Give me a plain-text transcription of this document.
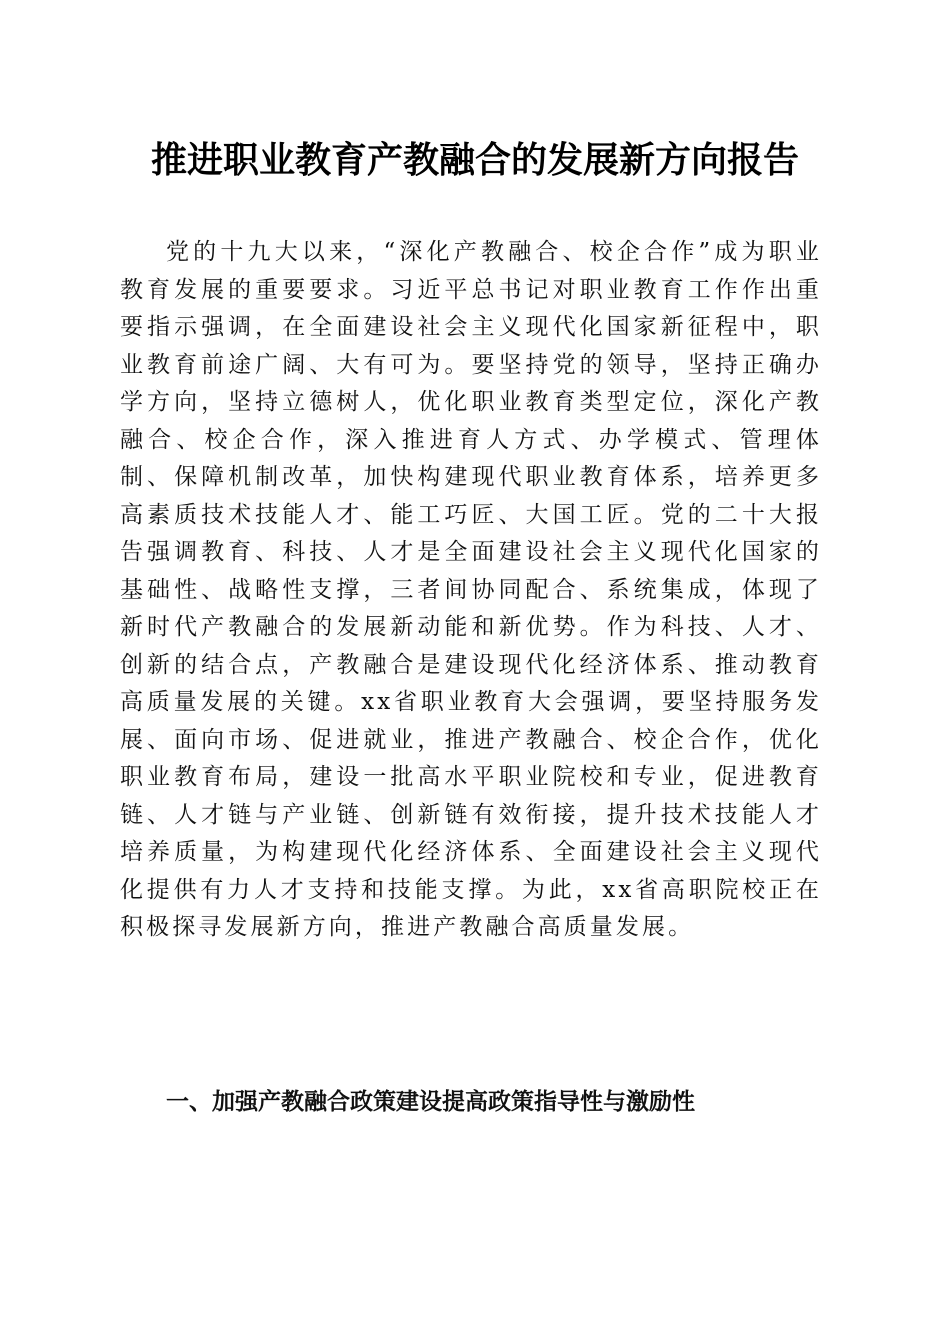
推进职业教育产教融合的发展新方向报告

党的十九大以来，“深化产教融合、校企合作”成为职业教育发展的重要要求。习近平总书记对职业教育工作作出重要指示强调，在全面建设社会主义现代化国家新征程中，职业教育前途广阔、大有可为。要坚持党的领导，坚持正确办学方向，坚持立德树人，优化职业教育类型定位，深化产教融合、校企合作，深入推进育人方式、办学模式、管理体制、保障机制改革，加快构建现代职业教育体系，培养更多高素质技术技能人才、能工巧匠、大国工匠。党的二十大报告强调教育、科技、人才是全面建设社会主义现代化国家的基础性、战略性支撑，三者间协同配合、系统集成，体现了新时代产教融合的发展新动能和新优势。作为科技、人才、创新的结合点，产教融合是建设现代化经济体系、推动教育高质量发展的关键。xx省职业教育大会强调，要坚持服务发展、面向市场、促进就业，推进产教融合、校企合作，优化职业教育布局，建设一批高水平职业院校和专业，促进教育链、人才链与产业链、创新链有效衔接，提升技术技能人才培养质量，为构建现代化经济体系、全面建设社会主义现代化提供有力人才支持和技能支撑。为此，xx省高职院校正在积极探寻发展新方向，推进产教融合高质量发展。

一、加强产教融合政策建设提高政策指导性与激励性
